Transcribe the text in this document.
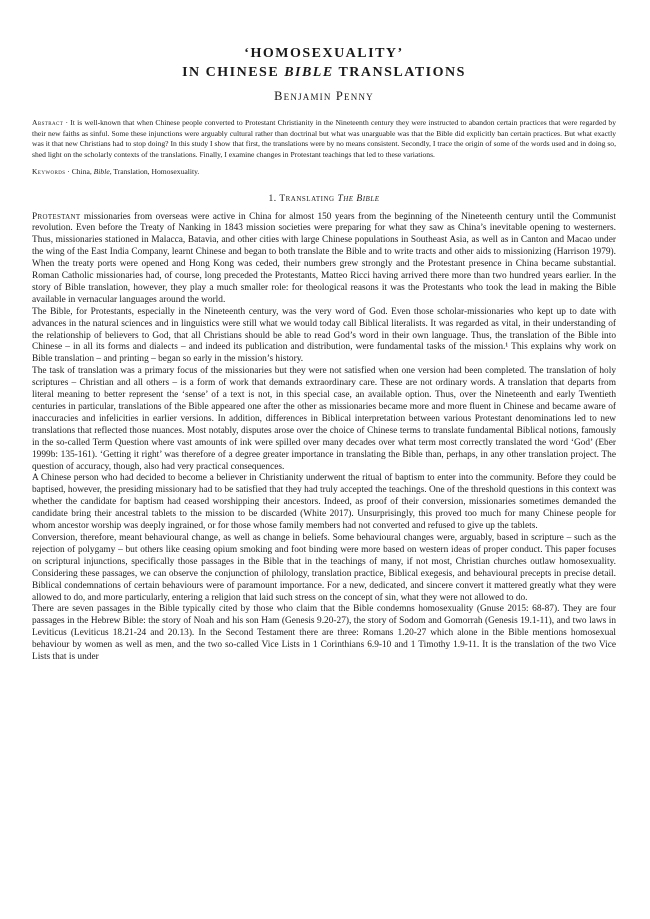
‘HOMOSEXUALITY’
IN CHINESE BIBLE TRANSLATIONS
Benjamin Penny

Abstract · It is well-known that when Chinese people converted to Protestant Christianity in the Nineteenth century they were instructed to abandon certain practices that were regarded by their new faiths as sinful. Some these injunctions were arguably cultural rather than doctrinal but what was unarguable was that the Bible did explicitly ban certain practices. But what exactly was it that new Christians had to stop doing? In this study I show that first, the translations were by no means consistent. Secondly, I trace the origin of some of the words used and in doing so, shed light on the scholarly contexts of the translations. Finally, I examine changes in Protestant teachings that led to these variations.

Keywords · China, Bible, Translation, Homosexuality.

1. Translating The Bible

Protestant missionaries from overseas were active in China for almost 150 years from the beginning of the Nineteenth century until the Communist revolution. Even before the Treaty of Nanking in 1843 mission societies were preparing for what they saw as China’s inevitable opening to westerners. Thus, missionaries stationed in Malacca, Batavia, and other cities with large Chinese populations in Southeast Asia, as well as in Canton and Macao under the wing of the East India Company, learnt Chinese and began to both translate the Bible and to write tracts and other aids to missionizing (Harrison 1979). When the treaty ports were opened and Hong Kong was ceded, their numbers grew strongly and the Protestant presence in China became substantial. Roman Catholic missionaries had, of course, long preceded the Protestants, Matteo Ricci having arrived there more than two hundred years earlier. In the story of Bible translation, however, they play a much smaller role: for theological reasons it was the Protestants who took the lead in making the Bible available in vernacular languages around the world.

The Bible, for Protestants, especially in the Nineteenth century, was the very word of God. Even those scholar-missionaries who kept up to date with advances in the natural sciences and in linguistics were still what we would today call Biblical literalists. It was regarded as vital, in their understanding of the relationship of believers to God, that all Christians should be able to read God’s word in their own language. Thus, the translation of the Bible into Chinese – in all its forms and dialects – and indeed its publication and distribution, were fundamental tasks of the mission.¹ This explains why work on Bible translation – and printing – began so early in the mission’s history.

The task of translation was a primary focus of the missionaries but they were not satisfied when one version had been completed. The translation of holy scriptures – Christian and all others – is a form of work that demands extraordinary care. These are not ordinary words. A translation that departs from literal meaning to better represent the ‘sense’ of a text is not, in this special case, an available option. Thus, over the Nineteenth and early Twentieth centuries in particular, translations of the Bible appeared one after the other as missionaries became more and more fluent in Chinese and became aware of inaccuracies and infelicities in earlier versions. In addition, differences in Biblical interpretation between various Protestant denominations led to new translations that reflected those nuances. Most notably, disputes arose over the choice of Chinese terms to translate fundamental Biblical notions, famously in the so-called Term Question where vast amounts of ink were spilled over many decades over what term most correctly translated the word ‘God’ (Eber 1999b: 135-161). ‘Getting it right’ was therefore of a degree greater importance in translating the Bible than, perhaps, in any other translation project. The question of accuracy, though, also had very practical consequences.

A Chinese person who had decided to become a believer in Christianity underwent the ritual of baptism to enter into the community. Before they could be baptised, however, the presiding missionary had to be satisfied that they had truly accepted the teachings. One of the threshold questions in this context was whether the candidate for baptism had ceased worshipping their ancestors. Indeed, as proof of their conversion, missionaries sometimes demanded the candidate bring their ancestral tablets to the mission to be discarded (White 2017). Unsurprisingly, this proved too much for many Chinese people for whom ancestor worship was deeply ingrained, or for those whose family members had not converted and refused to give up the tablets.

Conversion, therefore, meant behavioural change, as well as change in beliefs. Some behavioural changes were, arguably, based in scripture – such as the rejection of polygamy – but others like ceasing opium smoking and foot binding were more based on western ideas of proper conduct. This paper focuses on scriptural injunctions, specifically those passages in the Bible that in the teachings of many, if not most, Christian churches outlaw homosexuality. Considering these passages, we can observe the conjunction of philology, translation practice, Biblical exegesis, and behavioural precepts in precise detail. Biblical condemnations of certain behaviours were of paramount importance. For a new, dedicated, and sincere convert it mattered greatly what they were allowed to do, and more particularly, entering a religion that laid such stress on the concept of sin, what they were not allowed to do.

There are seven passages in the Bible typically cited by those who claim that the Bible condemns homosexuality (Gnuse 2015: 68-87). They are four passages in the Hebrew Bible: the story of Noah and his son Ham (Genesis 9.20-27), the story of Sodom and Gomorrah (Genesis 19.1-11), and two laws in Leviticus (Leviticus 18.21-24 and 20.13). In the Second Testament there are three: Romans 1.20-27 which alone in the Bible mentions homosexual behaviour by women as well as men, and the two so-called Vice Lists in 1 Corinthians 6.9-10 and 1 Timothy 1.9-11. It is the translation of the two Vice Lists that is under
